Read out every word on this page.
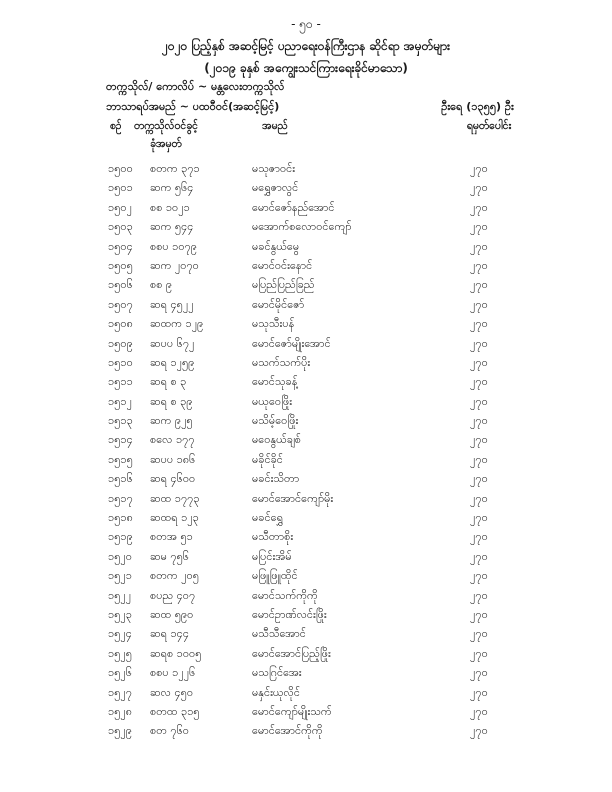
- ၅၀ -
၂၀၂၀ ပြည့်နှစ် အဆင့်မြင့် ပညာရေးဝန်ကြီးဌာန ဆိုင်ရာ အမှတ်များ
(၂၀၁၉ ခုနှစ် အကျွေးသင်ကြားရေးခိုင်မာသော)
တက္ကသိုလ်/ ကောလိပ် ~ မန္တလေးတက္ကသိုလ်
ဘာသာရပ်အမည် ~ ပထဝီဝင်(အဆင့်မြင့်)	ဦးရေ (၁၃၅၅) ဦး
စဉ် တက္ကသိုလ်ဝင်ခွင့်
ခုံအမှတ်
အမည်	ရမှတ်ပေါင်း
၁၅၀၀ စတက ၃၇၁	မသုဇာဝင်း	၂၇၀
၁၅၀၁ ဆက ၅၆၄	မရွှေဇာလွင်	၂၇၀
၁၅၀၂ စစ ၁၀၂၁	မောင်ဇော်နည်အောင်	၂၇၀
၁၅၀၃ ဆက ၅၄၄	မအောက်စလောဝင်ကျော်	၂၇၀
၁၅၀၄ စစပ ၁၀၇၉	မခင်နွယ်မွေ	၂၇၀
၁၅၀၅ ဆက ၂၀၇၀	မောင်ဝင်းနောင်	၂၇၀
၁၅၀၆ စစ ၉	မပြည်ပြည်ခြည်	၂၇၀
၁၅၀၇ ဆရ ၄၅၂၂	မောင်မိုင်ဇော်	၂၇၀
၁၅၀၈ ဆထက ၁၂၉	မသုသီးပန်	၂၇၀
၁၅၀၉ ဆပပ ၆၇၂	မောင်ဇော်မျိုးအောင်	၂၇၀
၁၅၁၀ ဆရ ၁၂၅၉	မသက်သက်ပိုး	၂၇၀
၁၅၁၁ ဆရ စ ၃	မောင်သုခန့်	၂၇၀
၁၅၁၂ ဆရ စ ၃၉	မယုဝေဖြိုး	၂၇၀
၁၅၁၃ ဆက ၉၂၅	မသိမ့်ဝေဖြိုး	၂၇၀
၁၅၁၄ စလေ ၁၇၇	မဝေနွယ်ချစ်	၂၇၀
၁၅၁၅ ဆပပ ၁၈၆	မခိုင်ခိုင်	၂၇၀
၁၅၁၆ ဆရ ၄၆၀၀	မခင်းသိတာ	၂၇၀
၁၅၁၇ ဆထ ၁၇၇၃	မောင်အောင်ကျော်မိုး	၂၇၀
၁၅၁၈ ဆထရ ၁၂၃	မခင်ရွှေ	၂၇၀
၁၅၁၉ စတအ ၅၁	မသီတာစိုး	၂၇၀
၁၅၂၀ ဆမ ၇၅၆	မပြင်းအိမ်	၂၇၀
၁၅၂၁ စတက ၂၀၅	မဖြူဖြူထိုင်	၂၇၀
၁၅၂၂ စပည ၄၀၇	မောင်သက်ကိုကို	၂၇၀
၁၅၂၃ ဆထ ၅၉၀	မောင်ဥာဏ်လင်းဖြိုး	၂၇၀
၁၅၂၄ ဆရ ၁၄၄	မသီသီအောင်	၂၇၀
၁၅၂၅ ဆရစ ၁၀၀၅	မောင်အောင်ပြည့်ဖြိုး	၂၇၀
၁၅၂၆ စစပ ၁၂၂၆	မသဂြင်အေး	၂၇၀
၁၅၂၇ ဆလ ၄၅၀	မနှင်းယုလိုင်	၂၇၀
၁၅၂၈ စတထ ၃၁၅	မောင်ကျော်မျိုးသက်	၂၇၀
၁၅၂၉ စတ ၇၆၀	မောင်အောင်ကိုကို	၂၇၀
